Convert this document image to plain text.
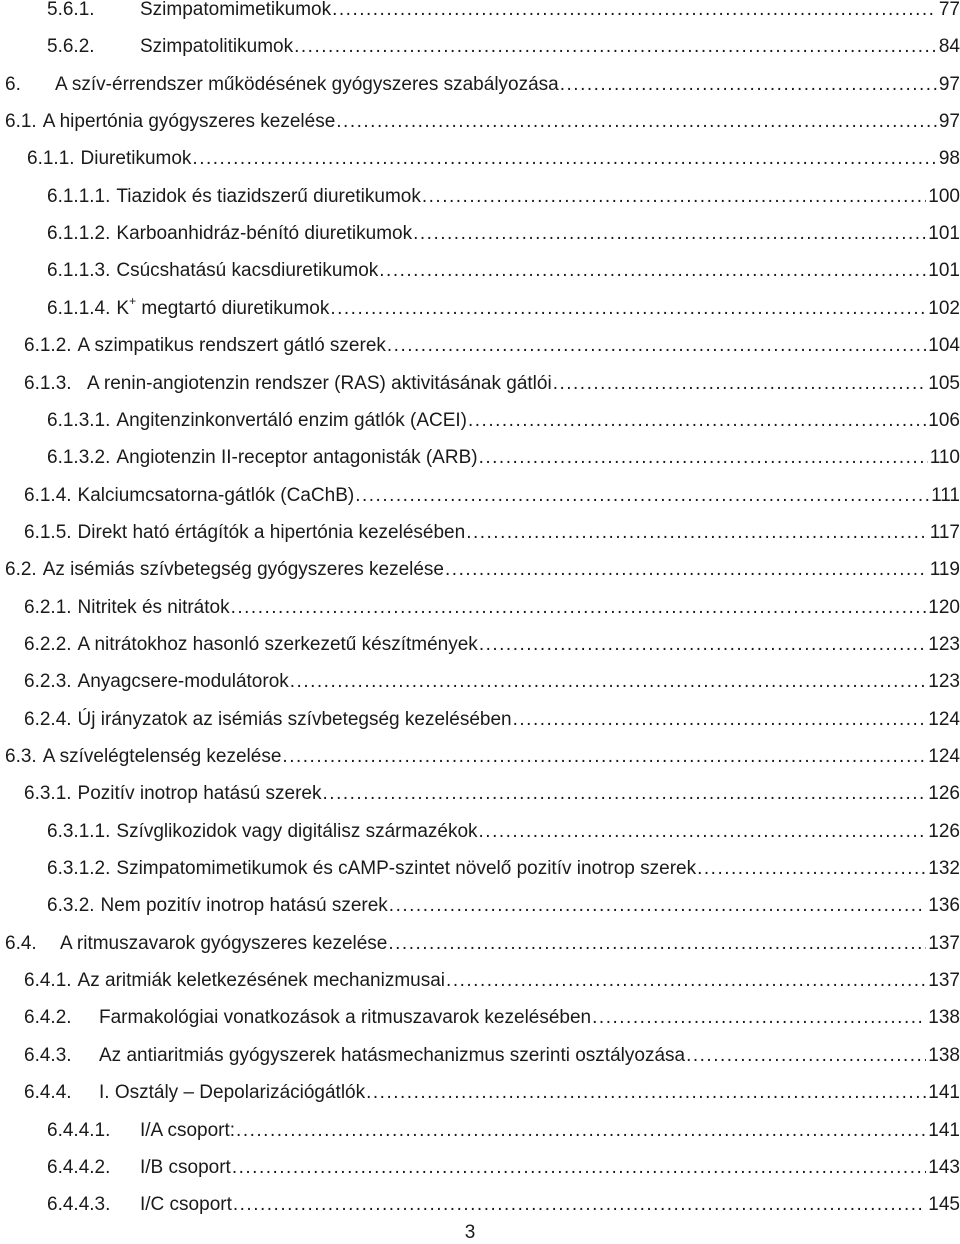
5.6.1.	Szimpatomimetikumok .....	77
5.6.2.	Szimpatolitikumok .....	84
6.	A szív-érrendszer működésének gyógyszeres szabályozása .....	97
6.1. A hipertónia gyógyszeres kezelése .....	97
6.1.1. Diuretikumok .....	98
6.1.1.1. Tiazidok és tiazidszerű diuretikumok .....	100
6.1.1.2. Karboanhidráz-bénító diuretikumok .....	101
6.1.1.3. Csúcshatású kacsdiuretikumok .....	101
6.1.1.4. K+ megtartó diuretikumok .....	102
6.1.2. A szimpatikus rendszert gátló szerek .....	104
6.1.3. A renin-angiotenzin rendszer (RAS) aktivitásának gátlói .....	105
6.1.3.1. Angitenzinkonvertáló enzim gátlók (ACEI) .....	106
6.1.3.2. Angiotenzin II-receptor antagonisták (ARB) .....	110
6.1.4. Kalciumcsatorna-gátlók (CaChB) .....	111
6.1.5. Direkt ható értágítók a hipertónia kezelésében .....	117
6.2. Az isémiás szívbetegség gyógyszeres kezelése .....	119
6.2.1. Nitritek és nitrátok .....	120
6.2.2. A nitrátokhoz hasonló szerkezetű készítmények .....	123
6.2.3. Anyagcsere-modulátorok .....	123
6.2.4. Új irányzatok az isémiás szívbetegség kezelésében .....	124
6.3. A szívelégtelenség kezelése .....	124
6.3.1. Pozitív inotrop hatású szerek .....	126
6.3.1.1. Szívglikozidok vagy digitálisz származékok .....	126
6.3.1.2. Szimpatomimetikumok és cAMP-szintet növelő pozitív inotrop szerek .....	132
6.3.2. Nem pozitív inotrop hatású szerek .....	136
6.4.	A ritmuszavarok gyógyszeres kezelése .....	137
6.4.1. Az aritmiák keletkezésének mechanizmusai .....	137
6.4.2.	Farmakológiai vonatkozások a ritmuszavarok kezelésében .....	138
6.4.3.	Az antiaritmiás gyógyszerek hatásmechanizmus szerinti osztályozása .....	138
6.4.4.	I. Osztály – Depolarizációgátlók .....	141
6.4.4.1.	I/A csoport: .....	141
6.4.4.2.	I/B csoport .....	143
6.4.4.3.	I/C csoport .....	145
3
